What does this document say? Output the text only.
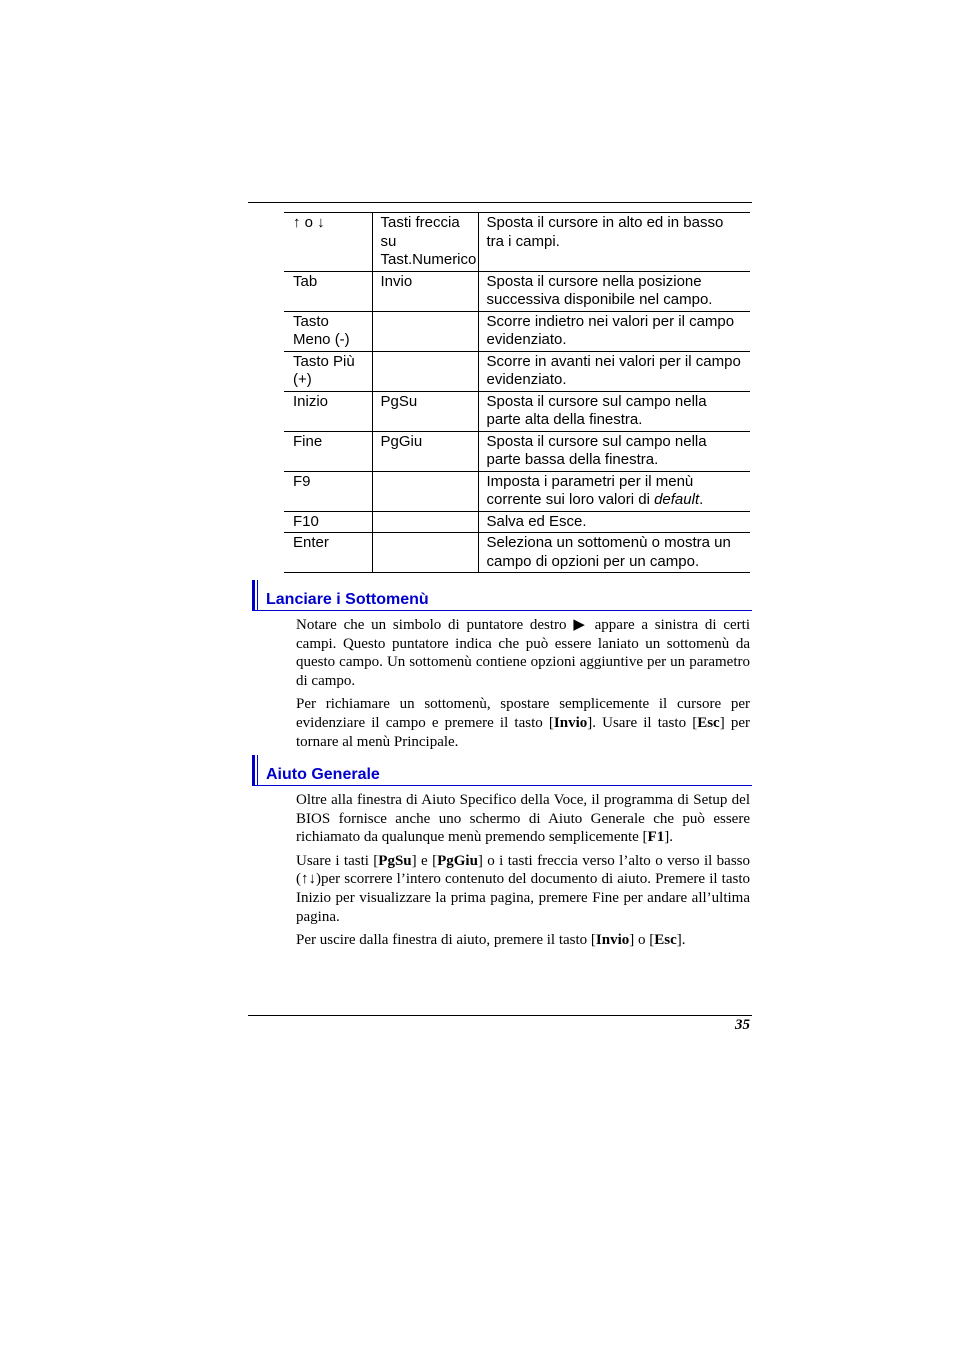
↑ o ↓	Tasti freccia su Tast.Numerico	Sposta il cursore in alto ed in basso tra i campi.
Tab	Invio	Sposta il cursore nella posizione successiva disponibile nel campo.
Tasto Meno (-)		Scorre indietro nei valori per il campo evidenziato.
Tasto Più (+)		Scorre in avanti nei valori per il campo evidenziato.
Inizio	PgSu	Sposta il cursore sul campo nella parte alta della finestra.
Fine	PgGiu	Sposta il cursore sul campo nella parte bassa della finestra.
F9		Imposta i parametri per il menù corrente sui loro valori di default.
F10		Salva ed Esce.
Enter		Seleziona un sottomenù o mostra un campo di opzioni per un campo.
Lanciare i Sottomenù

Notare che un simbolo di puntatore destro ▶ appare a sinistra di certi campi. Questo puntatore indica che può essere laniato un sottomenù da questo campo. Un sottomenù contiene opzioni aggiuntive per un parametro di campo.

Per richiamare un sottomenù, spostare semplicemente il cursore per evidenziare il campo e premere il tasto [Invio]. Usare il tasto [Esc] per tornare al menù Principale.

Aiuto Generale

Oltre alla finestra di Aiuto Specifico della Voce, il programma di Setup del BIOS fornisce anche uno schermo di Aiuto Generale che può essere richiamato da qualunque menù premendo semplicemente [F1].

Usare i tasti [PgSu] e [PgGiu] o i tasti freccia verso l’alto o verso il basso (↑↓)per scorrere l’intero contenuto del documento di aiuto. Premere il tasto Inizio per visualizzare la prima pagina, premere Fine per andare all’ultima pagina.

Per uscire dalla finestra di aiuto, premere il tasto [Invio] o [Esc].

35
